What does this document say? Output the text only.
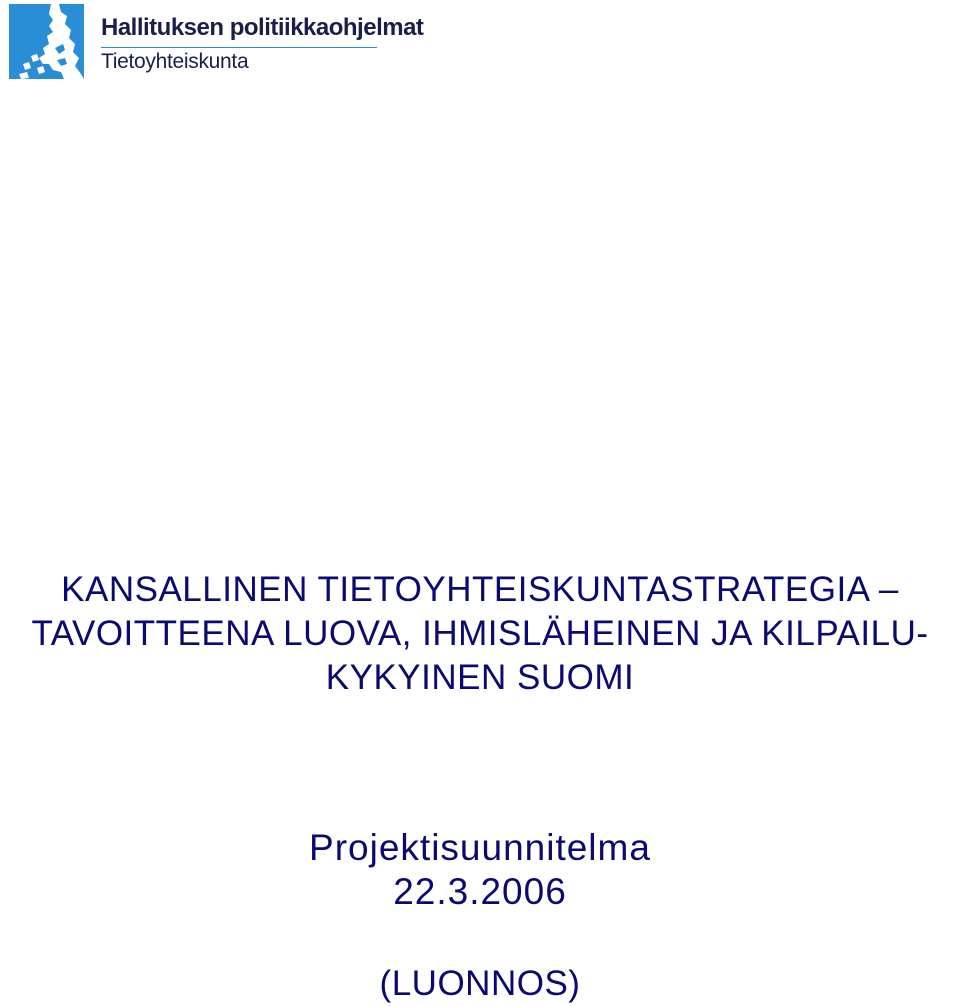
Hallituksen politiikkaohjelmat
Tietoyhteiskunta
KANSALLINEN TIETOYHTEISKUNTASTRATEGIA –
TAVOITTEENA LUOVA, IHMISLÄHEINEN JA KILPAILU-
KYKYINEN SUOMI
Projektisuunnitelma
22.3.2006
(LUONNOS)
